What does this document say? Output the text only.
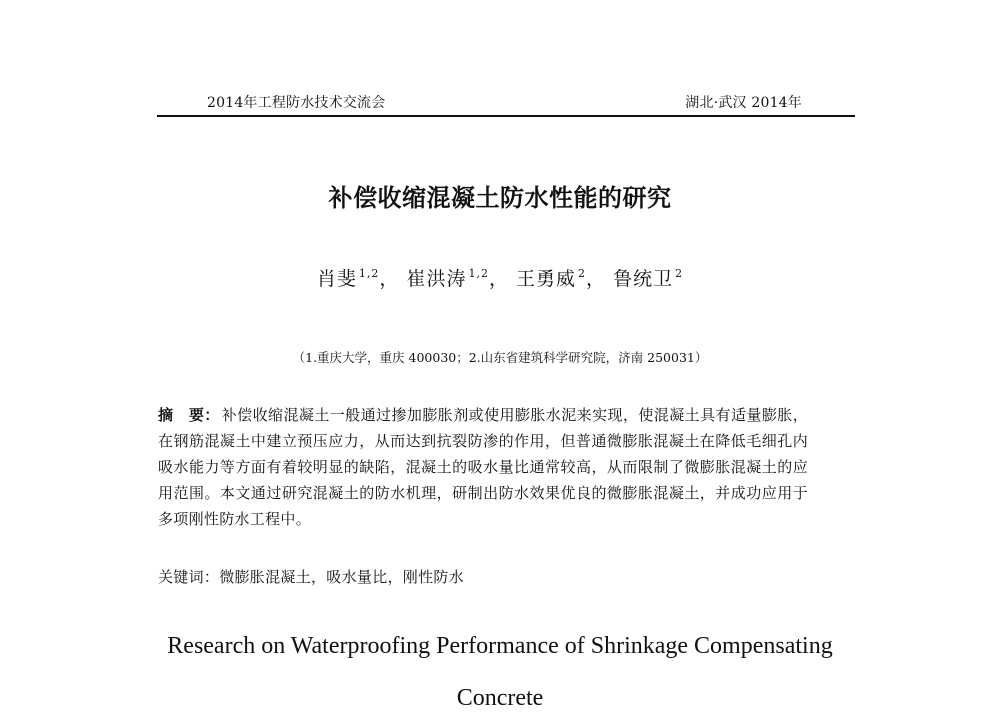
2014年工程防水技术交流会	湖北·武汉 2014年
补偿收缩混凝土防水性能的研究
肖斐 $^{1,2}$， 崔洪涛 $^{1,2}$， 王勇威 $^2$， 鲁统卫 $^2$
（1.重庆大学，重庆 400030；2.山东省建筑科学研究院，济南 250031）
摘　要： 补偿收缩混凝土一般通过掺加膨胀剂或使用膨胀水泥来实现，使混凝土具有适量膨胀，在钢筋混凝土中建立预压应力，从而达到抗裂防渗的作用，但普通微膨胀混凝土在降低毛细孔内吸水能力等方面有着较明显的缺陷，混凝土的吸水量比通常较高，从而限制了微膨胀混凝土的应用范围。本文通过研究混凝土的防水机理，研制出防水效果优良的微膨胀混凝土，并成功应用于多项刚性防水工程中。
关键词：微膨胀混凝土，吸水量比，刚性防水
Research on Waterproofing Performance of Shrinkage Compensating
Concrete
